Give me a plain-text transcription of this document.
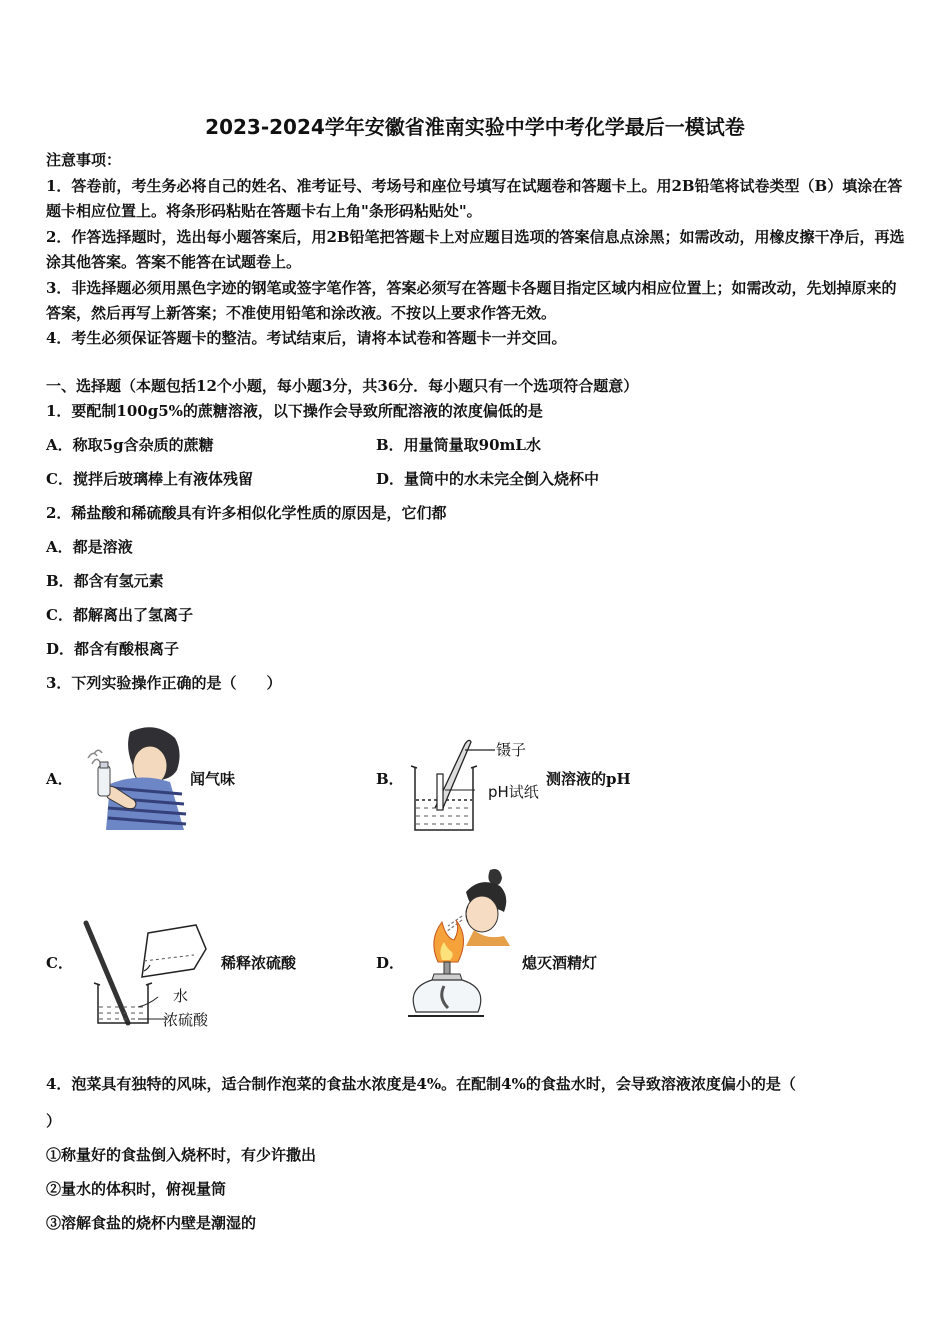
2023-2024学年安徽省淮南实验中学中考化学最后一模试卷
注意事项：
1．答卷前，考生务必将自己的姓名、准考证号、考场号和座位号填写在试题卷和答题卡上。用2B铅笔将试卷类型（B）填涂在答题卡相应位置上。将条形码粘贴在答题卡右上角"条形码粘贴处"。
2．作答选择题时，选出每小题答案后，用2B铅笔把答题卡上对应题目选项的答案信息点涂黑；如需改动，用橡皮擦干净后，再选涂其他答案。答案不能答在试题卷上。
3．非选择题必须用黑色字迹的钢笔或签字笔作答，答案必须写在答题卡各题目指定区域内相应位置上；如需改动，先划掉原来的答案，然后再写上新答案；不准使用铅笔和涂改液。不按以上要求作答无效。
4．考生必须保证答题卡的整洁。考试结束后，请将本试卷和答题卡一并交回。
一、选择题（本题包括12个小题，每小题3分，共36分．每小题只有一个选项符合题意）
1．要配制100g5%的蔗糖溶液，以下操作会导致所配溶液的浓度偏低的是
A．称取5g含杂质的蔗糖	B．用量筒量取90mL水
C．搅拌后玻璃棒上有液体残留	D．量筒中的水未完全倒入烧杯中
2．稀盐酸和稀硫酸具有许多相似化学性质的原因是，它们都
A．都是溶液
B．都含有氢元素
C．都解离出了氢离子
D．都含有酸根离子
3．下列实验操作正确的是（　　）
A．	闻气味	B．
镊子
pH试纸
测溶液的pH
C．
水
浓硫酸
稀释浓硫酸	D．	熄灭酒精灯
4．泡菜具有独特的风味，适合制作泡菜的食盐水浓度是4%。在配制4%的食盐水时，会导致溶液浓度偏小的是（
）
①称量好的食盐倒入烧杯时，有少许撒出
②量水的体积时，俯视量筒
③溶解食盐的烧杯内壁是潮湿的
